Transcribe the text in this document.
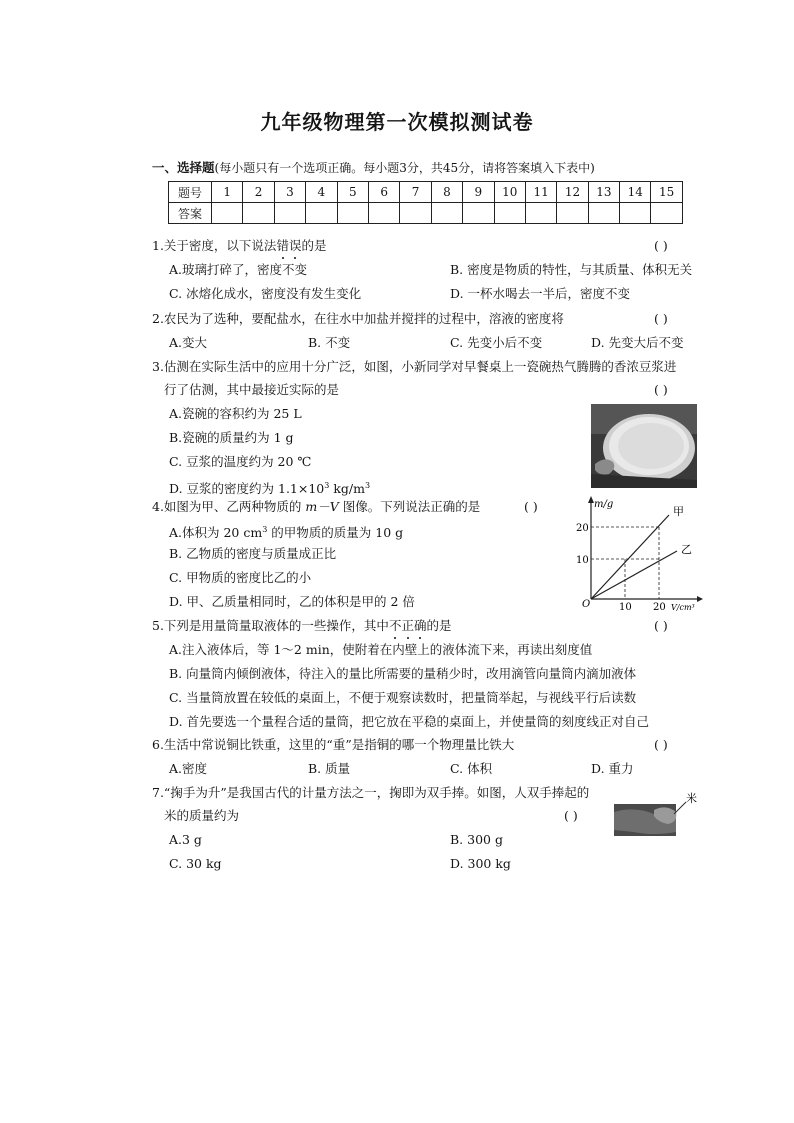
九年级物理第一次模拟测试卷
一、选择题(每小题只有一个选项正确。每小题3分，共45分，请将答案填入下表中)
题号	1	2	3	4	5	6	7	8	9	10	11	12	13	14	15
答案															
1.关于密度，以下说法错误的是	( )
A.玻璃打碎了，密度不变	B. 密度是物质的特性，与其质量、体积无关
C. 冰熔化成水，密度没有发生变化	D. 一杯水喝去一半后，密度不变
2.农民为了选种，要配盐水，在往水中加盐并搅拌的过程中，溶液的密度将	( )
A.变大	B. 不变	C. 先变小后不变	D. 先变大后不变
3.估测在实际生活中的应用十分广泛，如图，小新同学对早餐桌上一瓷碗热气腾腾的香浓豆浆进
行了估测，其中最接近实际的是	( )
A.瓷碗的容积约为 25 L
B.瓷碗的质量约为 1 g
C. 豆浆的温度约为 20 ℃
D. 豆浆的密度约为 $1.1\times 10^3$ $kg/m^3$
4.如图为甲、乙两种物质的 m－V 图像。下列说法正确的是	( )
A.体积为 20 $cm^3$ 的甲物质的质量为 10 g
B. 乙物质的密度与质量成正比
C. 甲物质的密度比乙的小
D. 甲、乙质量相同时，乙的体积是甲的 2 倍
m/g
V/cm³
O
10
20
10 20
甲
乙
5.下列是用量筒量取液体的一些操作，其中不正确的是	( )
A.注入液体后，等 1～2 min，使附着在内壁上的液体流下来，再读出刻度值
B. 向量筒内倾倒液体，待注入的量比所需要的量稍少时，改用滴管向量筒内滴加液体
C. 当量筒放置在较低的桌面上，不便于观察读数时，把量筒举起，与视线平行后读数
D. 首先要选一个量程合适的量筒，把它放在平稳的桌面上，并使量筒的刻度线正对自己
6.生活中常说铜比铁重，这里的“重”是指铜的哪一个物理量比铁大	( )
A.密度	B. 质量	C. 体积	D. 重力
7.“掬手为升”是我国古代的计量方法之一，掬即为双手捧。如图，人双手捧起的
米的质量约为	( )
A.3 g	B. 300 g
C. 30 kg	D. 300 kg
米
